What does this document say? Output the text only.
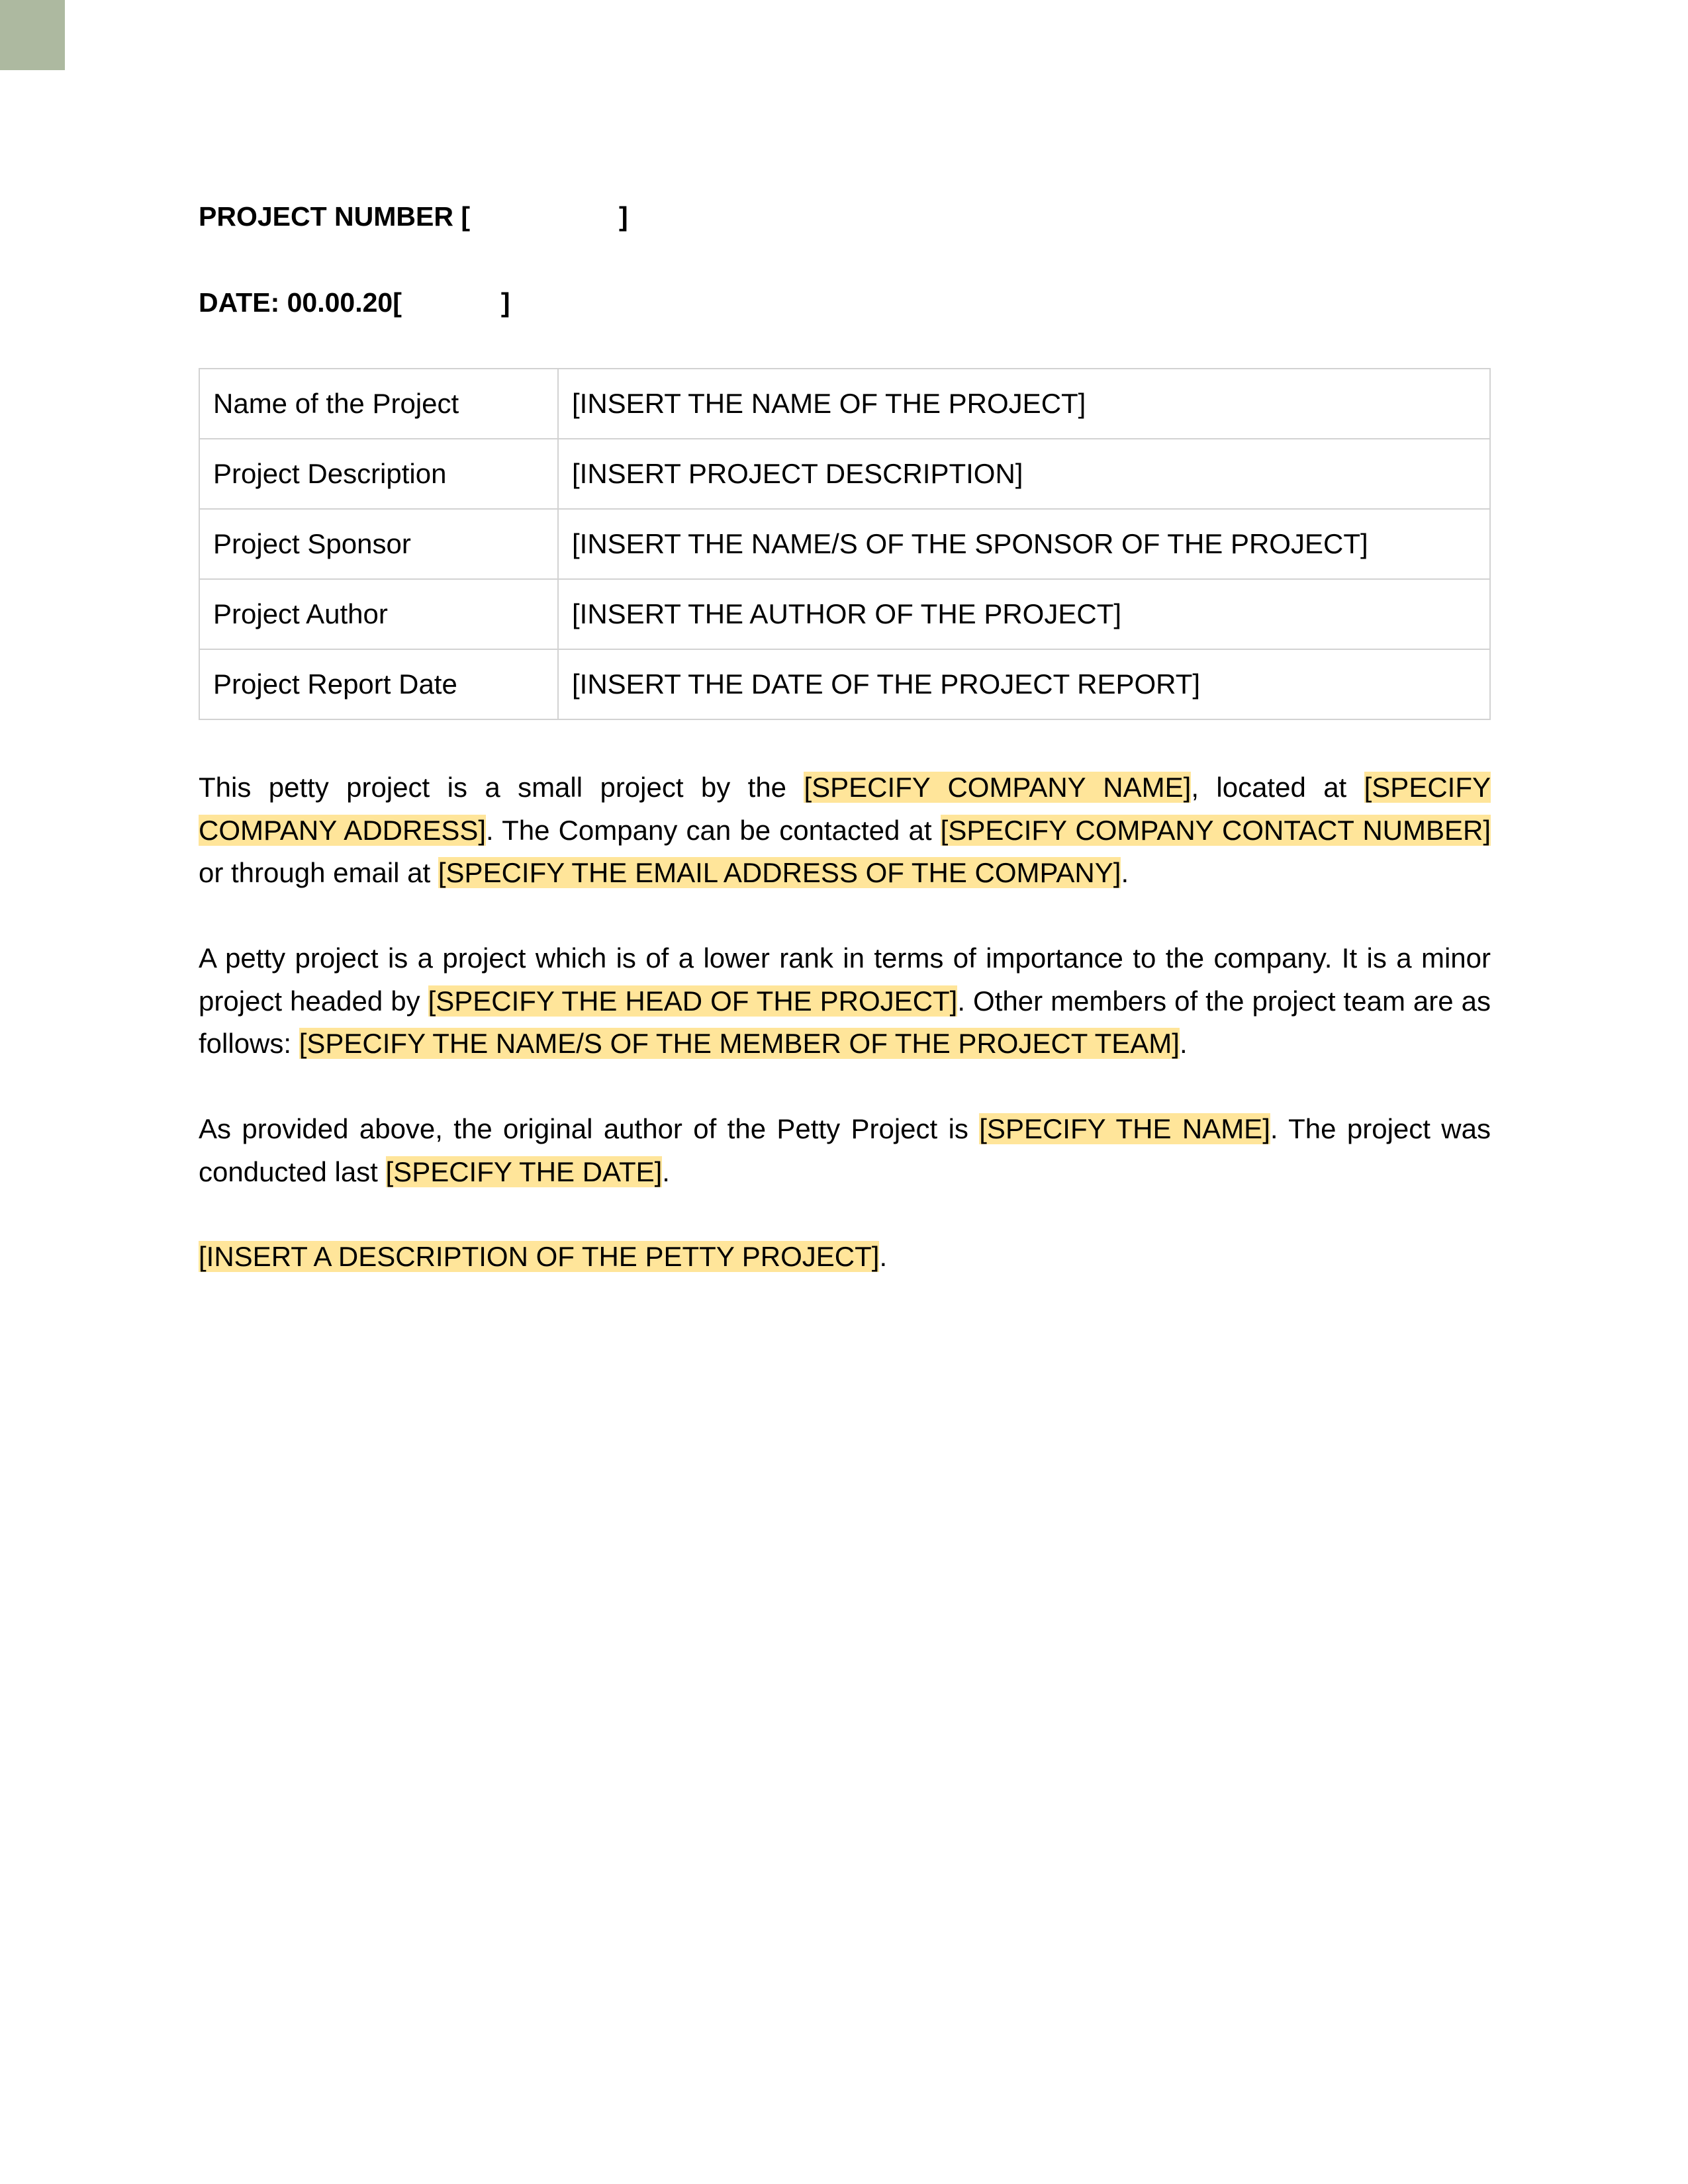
PROJECT NUMBER [	]
DATE: 00.00.20[	]
Name of the Project	[INSERT THE NAME OF THE PROJECT]
Project Description	[INSERT PROJECT DESCRIPTION]
Project Sponsor	[INSERT THE NAME/S OF THE SPONSOR OF THE PROJECT]
Project Author	[INSERT THE AUTHOR OF THE PROJECT]
Project Report Date	[INSERT THE DATE OF THE PROJECT REPORT]

This petty project is a small project by the [SPECIFY COMPANY NAME], located at [SPECIFY COMPANY ADDRESS]. The Company can be contacted at [SPECIFY COMPANY CONTACT NUMBER] or through email at [SPECIFY THE EMAIL ADDRESS OF THE COMPANY].

A petty project is a project which is of a lower rank in terms of importance to the company. It is a minor project headed by [SPECIFY THE HEAD OF THE PROJECT]. Other members of the project team are as follows: [SPECIFY THE NAME/S OF THE MEMBER OF THE PROJECT TEAM].

As provided above, the original author of the Petty Project is [SPECIFY THE NAME]. The project was conducted last [SPECIFY THE DATE].

[INSERT A DESCRIPTION OF THE PETTY PROJECT].
